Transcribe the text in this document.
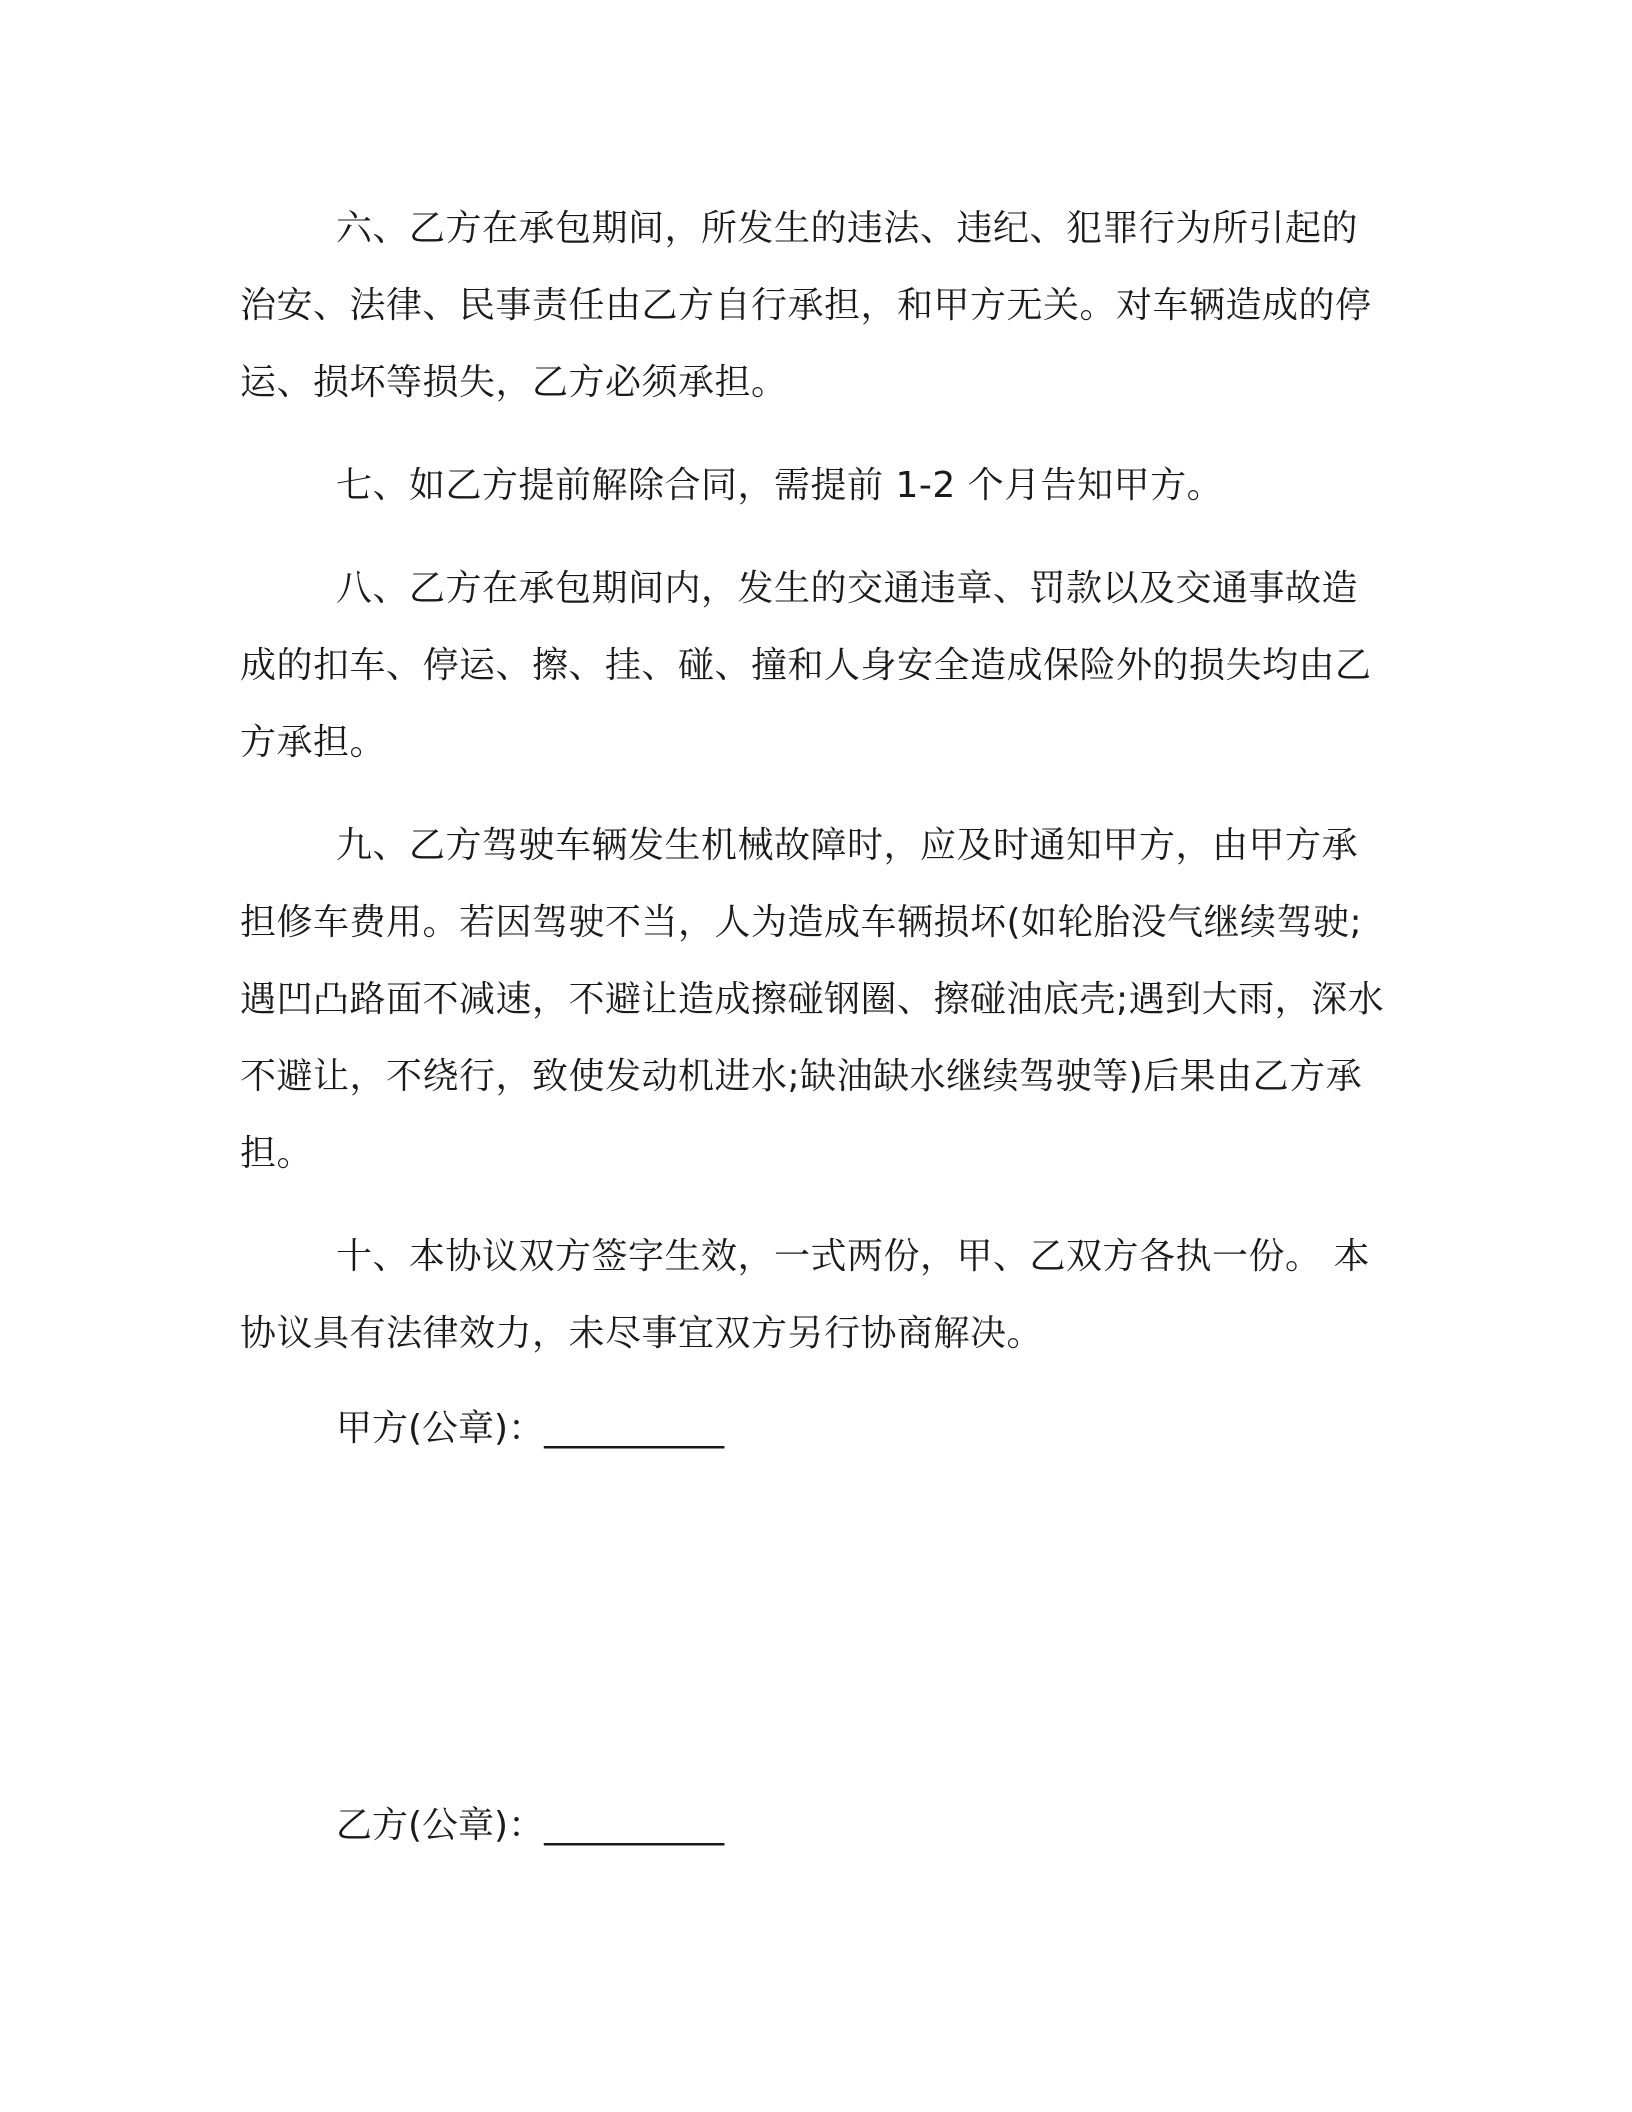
六、乙方在承包期间，所发生的违法、违纪、犯罪行为所引起的治安、法律、民事责任由乙方自行承担，和甲方无关。对车辆造成的停运、损坏等损失，乙方必须承担。

七、如乙方提前解除合同，需提前 1-2 个月告知甲方。

八、乙方在承包期间内，发生的交通违章、罚款以及交通事故造成的扣车、停运、擦、挂、碰、撞和人身安全造成保险外的损失均由乙方承担。

九、乙方驾驶车辆发生机械故障时，应及时通知甲方，由甲方承担修车费用。若因驾驶不当，人为造成车辆损坏(如轮胎没气继续驾驶;遇凹凸路面不减速，不避让造成擦碰钢圈、擦碰油底壳;遇到大雨，深水不避让，不绕行，致使发动机进水;缺油缺水继续驾驶等)后果由乙方承担。

十、本协议双方签字生效，一式两份，甲、乙双方各执一份。 本协议具有法律效力，未尽事宜双方另行协商解决。

甲方(公章)：__________

乙方(公章)：__________
